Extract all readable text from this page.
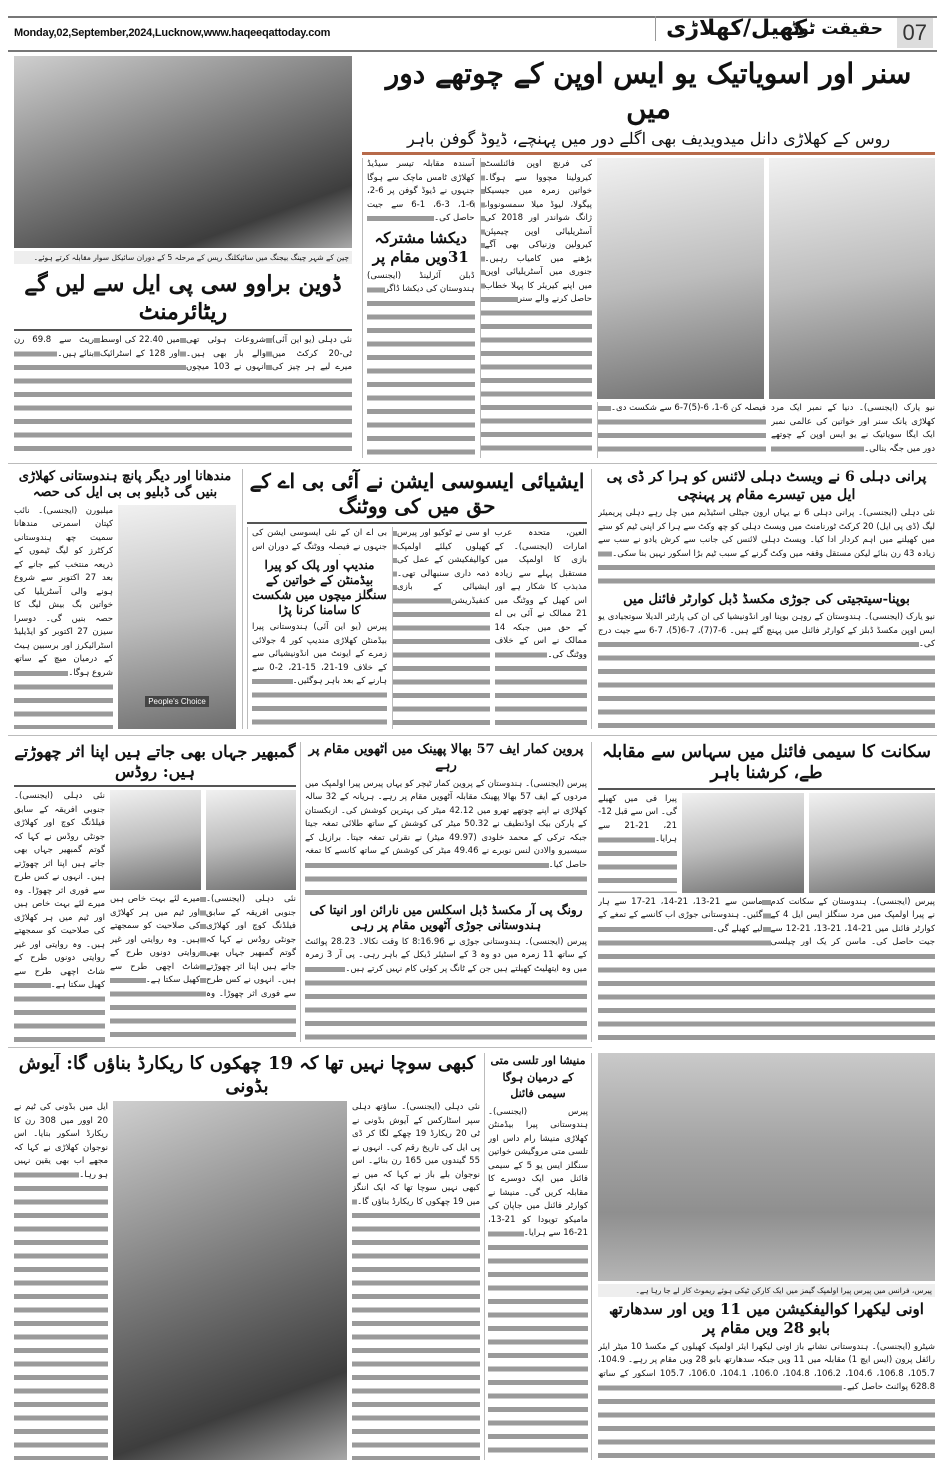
Monday,02,September,2024,Lucknow,www.haqeeqattoday.com	07
حقیقت ٹوڈے
کھیل/کھلاڑی
چین کے شہر چینگ بیجنگ میں سائیکلنگ ریس کے مرحلہ 5 کے دوران سائیکل سوار مقابلہ کرتے ہوئے۔
ڈوین براوو سی پی ایل سے لیں گے ریٹائرمنٹ
نئی دہلی (یو این آئی) ٹی-20 کرکٹ میں میرے لیے ہر چیز کی شروعات ہوئی تھی والے بار بھی ہیں۔ انہوں نے 103 میچوں میں 22.40 کی اوسط اور 128 کے اسٹرائیک ریٹ سے 69.8 رن بنائے ہیں۔
سنر اور اسویاتیک یو ایس اوپن کے چوتھے دور میں
روس کے کھلاڑی دانل میدویدیف بھی اگلے دور میں پہنچے، ڈیوڈ گوفن باہر
نیو یارک (ایجنسی)۔ دنیا کے نمبر ایک مرد کھلاڑی یانک سنر اور خواتین کی عالمی نمبر ایک ایگا سویاتیک نے یو ایس اوپن کے چوتھے دور میں جگہ بنالی۔
فیصلہ کن 6-1، 6-(5)7-6 سے شکست دی۔
کی فرنچ اوپن فائنلسٹ کیرولینا مچووا سے ہوگا۔ خواتین زمرہ میں جیسیکا پیگولا، لیوڈ میلا سمسونووا، ژانگ شواندر اور 2018 کی آسٹریلیائی اوپن چیمپئن کیرولین وزنیاکی بھی آگے بڑھنے میں کامیاب رہیں۔ جنوری میں آسٹریلیائی اوپن میں اپنے کیریئر کا پہلا خطاب حاصل کرنے والے سنر
آسندہ مقابلہ تیسر سیڈیڈ کھلاڑی ٹامس ماچک سے ہوگا جنہوں نے ڈیوڈ گوفن پر 6-2، 6-1، 3-6، 1-6 سے جیت حاصل کی۔
دیکشا مشترکہ 31ویں مقام پر
ڈبلن آئرلینڈ (ایجنسی) ہندوستان کی دیکشا ڈاگر
پرانی دہلی 6 نے ویسٹ دہلی لائنس کو ہرا کر ڈی پی ایل میں تیسرے مقام پر پہنچی
نئی دہلی (ایجنسی)۔ پرانی دہلی 6 نے یہاں ارون جیٹلی اسٹیڈیم میں چل رہے دہلی پریمیئر لیگ (ڈی پی ایل) 20 کرکٹ ٹورنامنٹ میں ویسٹ دہلی کو چھ وکٹ سے ہرا کر اپنی ٹیم کو ستے میں کھیلنے میں اہم کردار ادا کیا۔ ویسٹ دہلی لائنس کی جانب سے کرش یادو نے سب سے زیادہ 43 رن بنائے لیکن مستقل وقفہ میں وکٹ گرنے کے سبب ٹیم بڑا اسکور نہیں بنا سکی۔
بوپنا-سیتجیتی کی جوڑی مکسڈ ڈبل کوارٹر فائنل میں
نیو یارک (ایجنسی)۔ ہندوستان کے روہن بوپنا اور انڈونیشیا کی ان کی پارٹنر الدیلا سوتجیادی یو ایس اوپن مکسڈ ڈبلز کے کوارٹر فائنل میں پہنچ گئے ہیں۔ 6-7(7)، 7-6(5)، 7-6 سے جیت درج کی۔
ایشیائی ایسوسی ایشن نے آئی بی اے کے حق میں کی ووٹنگ
العین، متحدہ عرب امارات (ایجنسی)۔ کے بازی کا اولمپک میں مستقبل پہلے سے زیادہ مذبذب کا شکار ہے اور اس کھیل کے ووٹنگ میں 21 ممالک نے آئی بی اے کے حق میں جبکہ 14 ممالک نے اس کے خلاف ووٹنگ کی۔
او سی نے ٹوکیو اور پیرس کھیلوں کیلئے اولمپک کوالیفکیشن کے عمل کی ذمہ داری سنبھالی تھی۔ ایشیائی کے بازی کنفیڈریشن
بی اے ان کے نئی ایسوسی ایشن کی جنہوں نے فیصلہ ووٹنگ کے دوران اس
مندیپ اور پلک کو پیرا بیڈمنٹن کے خواتین کے سنگلز میچوں میں شکست کا سامنا کرنا پڑا
پیرس (یو این آئی) ہندوستانی پیرا بیڈمنٹن کھلاڑی مندیپ کور 4 جولائی زمرے کے ایونٹ میں انڈونیشیائی سے کے خلاف 19-21، 15-21، 2-0 سے ہارنے کے بعد باہر ہوگئیں۔
مندھانا اور دیگر پانچ ہندوستانی کھلاڑی بنیں گی ڈبلیو بی بی ایل کی حصہ
People's Choice
میلبورن (ایجنسی)۔ نائب کپتان اسمرتی مندھانا سمیت چھ ہندوستانی کرکٹرز کو لیگ ٹیموں کے ذریعہ منتخب کیے جانے کے بعد 27 اکتوبر سے شروع ہونے والی آسٹریلیا کی خواتین بگ بیش لیگ کا حصہ بنیں گی۔ دوسرا سیزن 27 اکتوبر کو ایڈیلیڈ اسٹرائیکرز اور برسبین ہیٹ کے درمیان میچ کے ساتھ شروع ہوگا۔
سکانت کا سیمی فائنل میں سہاس سے مقابلہ طے، کرشنا باہر
پیرا فی میں کھیلے گی۔ اس سے قبل 12-21، 21-21 سے ہرایا۔
پیرس (ایجنسی)۔ ہندوستان کے سکانت کدم نے پیرا اولمپک میں مرد سنگلز ایس ایل 4 کے کوارٹر فائنل میں 21-14، 21-13، 21-12 سے جیت حاصل کی۔ ماسن کر یک اور چیلسی ماسن سے 21-13، 21-14، 21-17 سے ہار گئیں۔ ہندوستانی جوڑی اب کانسے کے تمغے کے لیے کھیلے گی۔
پروین کمار ایف 57 بھالا پھینک میں آٹھویں مقام پر رہے
پیرس (ایجنسی)۔ ہندوستان کے پروین کمار ٹیچر کو یہاں پیرس پیرا اولمپک میں مردوں کے ایف 57 بھالا پھینک مقابلہ آٹھویں مقام پر رہے۔ ہریانہ کے 32 سالہ کھلاڑی نے اپنے چوتھے تھرو میں 42.12 میٹر کی بہترین کوشش کی۔ ازبکستان کے یارکن بیک اوڈنطیف نے 50.32 میٹر کی کوشش کے ساتھ طلائی تمغہ جیتا جبکہ ترکی کے محمد خلودی (49.97 میٹر) نے نقرئی تمغہ جیتا۔ برازیل کے سیسیرو والادن لنس نوبرے نے 49.46 میٹر کی کوشش کے ساتھ کانسے کا تمغہ حاصل کیا۔
رونگ پی آر مکسڈ ڈبل اسکلس میں نارائن اور انیتا کی ہندوستانی جوڑی آٹھویں مقام پر رہی
پیرس (ایجنسی)۔ ہندوستانی جوڑی نے 8:16.96 کا وقت نکالا۔ 28.23 پوائنٹ کے ساتھ 11 زمرہ میں دو وہ 3 کے اسٹیئر ڈیکل کے باہر رہی۔ پی آر 3 زمرہ میں وہ ایتھلیٹ کھیلتے ہیں جن کے ٹانگ پر کوئی کام نہیں کرتے ہیں۔
گمبھیر جہاں بھی جاتے ہیں اپنا اثر چھوڑتے ہیں: روڈس
نئی دہلی (ایجنسی)۔ جنوبی افریقہ کے سابق فیلڈنگ کوچ اور کھلاڑی جونٹی روڈس نے کہا کہ گوتم گمبھیر جہاں بھی جاتے ہیں اپنا اثر چھوڑتے ہیں۔ انہوں نے کس طرح سے فوری اثر چھوڑا۔ وہ میرے لئے بہت خاص ہیں اور ٹیم میں ہر کھلاڑی کی صلاحیت کو سمجھتے ہیں۔ وہ روایتی اور غیر روایتی دونوں طرح کے شاٹ اچھی طرح سے کھیل سکتا ہے۔
نئی دہلی (ایجنسی)۔ جنوبی افریقہ کے سابق فیلڈنگ کوچ اور کھلاڑی جونٹی روڈس نے کہا کہ گوتم گمبھیر جہاں بھی جاتے ہیں اپنا اثر چھوڑتے ہیں۔ انہوں نے کس طرح سے فوری اثر چھوڑا۔ وہ میرے لئے بہت خاص ہیں اور ٹیم میں ہر کھلاڑی کی صلاحیت کو سمجھتے ہیں۔ وہ روایتی اور غیر روایتی دونوں طرح کے شاٹ اچھی طرح سے کھیل سکتا ہے۔
کبھی سوچا نہیں تھا کہ 19 چھکوں کا ریکارڈ بناؤں گا: آیوش بڈونی
نئی دہلی (ایجنسی)۔ ساؤتھ دہلی سپر اسٹارکس کے آیوش بڈونی نے ٹی 20 ریکارڈ 19 چھکے لگا کر ڈی پی ایل کی تاریخ رقم کی۔ انہوں نے 55 گیندوں میں 165 رن بنائے۔ اس نوجوان بلے باز نے کہا کہ میں نے کبھی نہیں سوچا تھا کہ ایک اننگز میں 19 چھکوں کا ریکارڈ بناؤں گا۔
ایل میں بڈونی کی ٹیم نے 20 اوور میں 308 رن کا ریکارڈ اسکور بنایا۔ اس نوجوان کھلاڑی نے کہا کہ مجھے اب بھی یقین نہیں ہو رہا۔
منیشا اور تلسی متی کے درمیان ہوگا سیمی فائنل
پیرس (ایجنسی)۔ ہندوستانی پیرا بیڈمنٹن کھلاڑی منیشا رام داس اور تلسی متی مروگیشن خواتین سنگلز ایس یو 5 کے سیمی فائنل میں ایک دوسرے کا مقابلہ کریں گی۔ منیشا نے کوارٹر فائنل میں جاپان کی مامیکو تویودا کو 21-13، 21-16 سے ہرایا۔
پیرس، فرانس میں پیرس پیرا اولمپک گیمز میں ایک کارکن ٹیکی ہوئے ریموٹ کار لے جا رہا ہے۔
اونی لیکھرا کوالیفکیشن میں 11 ویں اور سدھارتھ بابو 28 ویں مقام پر
شیٹرو (ایجنسی)۔ ہندوستانی نشانے باز اونی لیکھرا ایئر اولمپک کھیلوں کے مکسڈ 10 میٹر ایئر رائفل پرون (ایس ایچ 1) مقابلہ میں 11 ویں جبکہ سدھارتھ بابو 28 ویں مقام پر رہے۔ 104.9، 105.7، 106.8، 104.6، 106.2، 104.8، 106.0، 104.1، 106.0، 105.7 اسکور کے ساتھ 628.8 پوائنٹ حاصل کیے۔
